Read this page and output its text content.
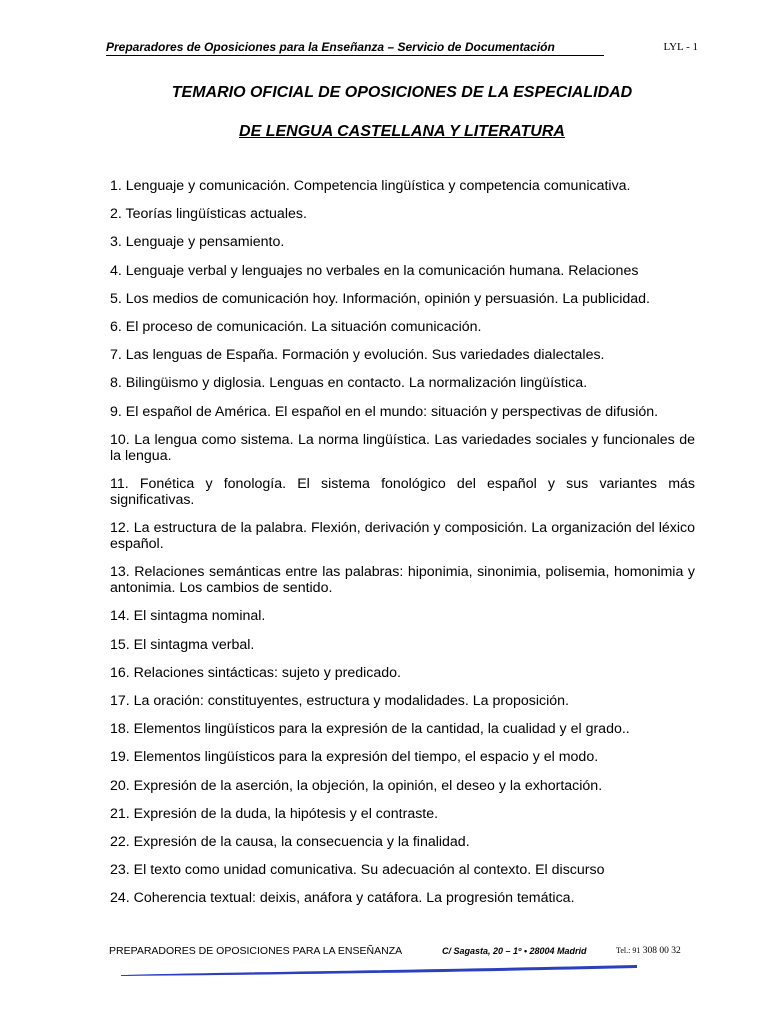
Preparadores de Oposiciones para la Enseñanza – Servicio de Documentación	LYL - 1
TEMARIO OFICIAL DE OPOSICIONES DE LA ESPECIALIDAD
DE LENGUA CASTELLANA Y LITERATURA
1. Lenguaje y comunicación. Competencia lingüística y competencia comunicativa.
2. Teorías lingüísticas actuales.
3. Lenguaje y pensamiento.
4. Lenguaje verbal y lenguajes no verbales en la comunicación humana. Relaciones
5. Los medios de comunicación hoy. Información, opinión y persuasión. La publicidad.
6. El proceso de comunicación. La situación comunicación.
7. Las lenguas de España. Formación y evolución. Sus variedades dialectales.
8. Bilingüismo y diglosia. Lenguas en contacto. La normalización lingüística.
9. El español de América. El español en el mundo: situación y perspectivas de difusión.
10. La lengua como sistema. La norma lingüística. Las variedades sociales y funcionales de la lengua.
11. Fonética y fonología. El sistema fonológico del español y sus variantes más significativas.
12. La estructura de la palabra. Flexión, derivación y composición. La organización del léxico español.
13. Relaciones semánticas entre las palabras: hiponimia, sinonimia, polisemia, homonimia y antonimia. Los cambios de sentido.
14. El sintagma nominal.
15. El sintagma verbal.
16. Relaciones sintácticas: sujeto y predicado.
17. La oración: constituyentes, estructura y modalidades. La proposición.
18. Elementos lingüísticos para la expresión de la cantidad, la cualidad y el grado..
19. Elementos lingüísticos para la expresión del tiempo, el espacio y el modo.
20. Expresión de la aserción, la objeción, la opinión, el deseo y la exhortación.
21. Expresión de la duda, la hipótesis y el contraste.
22. Expresión de la causa, la consecuencia y la finalidad.
23. El texto como unidad comunicativa. Su adecuación al contexto. El discurso
24. Coherencia textual: deixis, anáfora y catáfora. La progresión temática.
PREPARADORES DE OPOSICIONES PARA LA ENSEÑANZA	C/ Sagasta, 20 – 1º • 28004 Madrid	Tel.: 91 308 00 32
